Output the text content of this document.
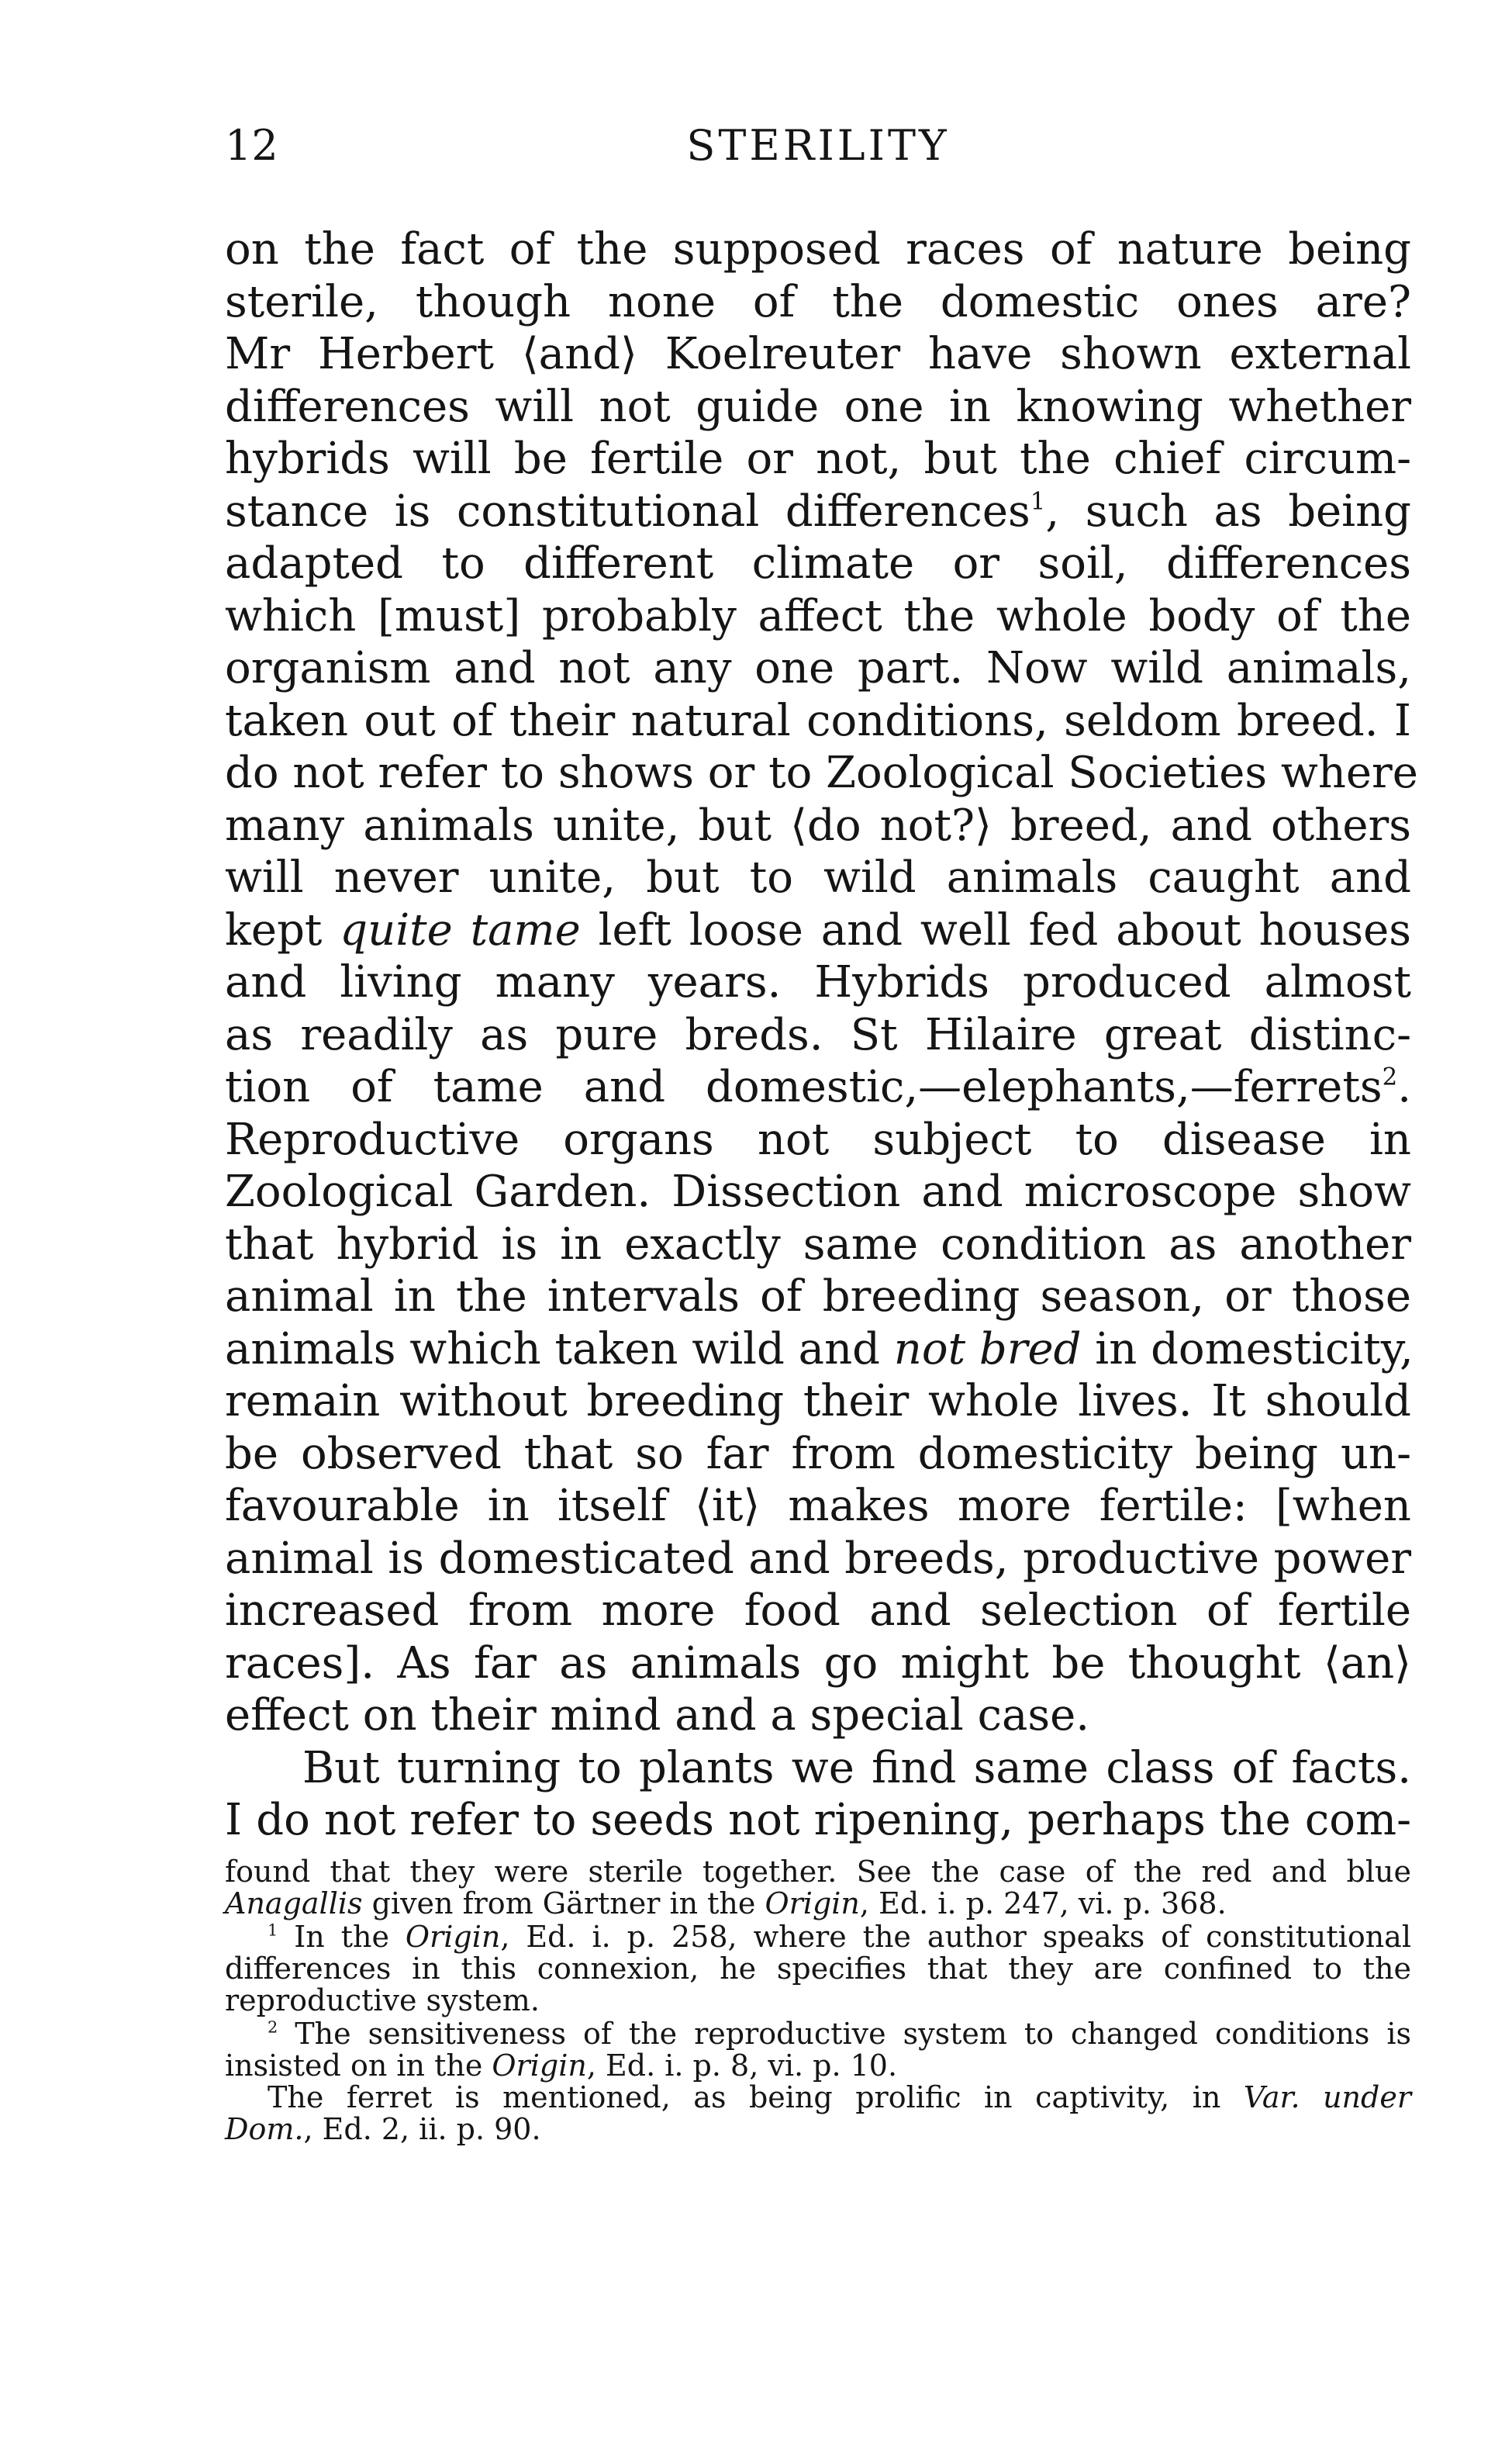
12	STERILITY
on the fact of the supposed races of nature being
sterile, though none of the domestic ones are?
Mr Herbert ⟨and⟩ Koelreuter have shown external
differences will not guide one in knowing whether
hybrids will be fertile or not, but the chief circum-
stance is constitutional differences$^1$, such as being
adapted to different climate or soil, differences
which [must] probably affect the whole body of the
organism and not any one part. Now wild animals,
taken out of their natural conditions, seldom breed. I
do not refer to shows or to Zoological Societies where
many animals unite, but ⟨do not?⟩ breed, and others
will never unite, but to wild animals caught and
kept quite tame left loose and well fed about houses
and living many years. Hybrids produced almost
as readily as pure breds. St Hilaire great distinc-
tion of tame and domestic,—elephants,—ferrets$^2$.
Reproductive organs not subject to disease in
Zoological Garden. Dissection and microscope show
that hybrid is in exactly same condition as another
animal in the intervals of breeding season, or those
animals which taken wild and not bred in domesticity,
remain without breeding their whole lives. It should
be observed that so far from domesticity being un-
favourable in itself ⟨it⟩ makes more fertile: [when
animal is domesticated and breeds, productive power
increased from more food and selection of fertile
races]. As far as animals go might be thought ⟨an⟩
effect on their mind and a special case.
But turning to plants we find same class of facts.
I do not refer to seeds not ripening, perhaps the com-
found that they were sterile together. See the case of the red and blue
Anagallis given from Gärtner in the Origin, Ed. i. p. 247, vi. p. 368.
$^1$ In the Origin, Ed. i. p. 258, where the author speaks of constitutional
differences in this connexion, he specifies that they are confined to the
reproductive system.
$^2$ The sensitiveness of the reproductive system to changed conditions is
insisted on in the Origin, Ed. i. p. 8, vi. p. 10.
The ferret is mentioned, as being prolific in captivity, in Var. under
Dom., Ed. 2, ii. p. 90.
